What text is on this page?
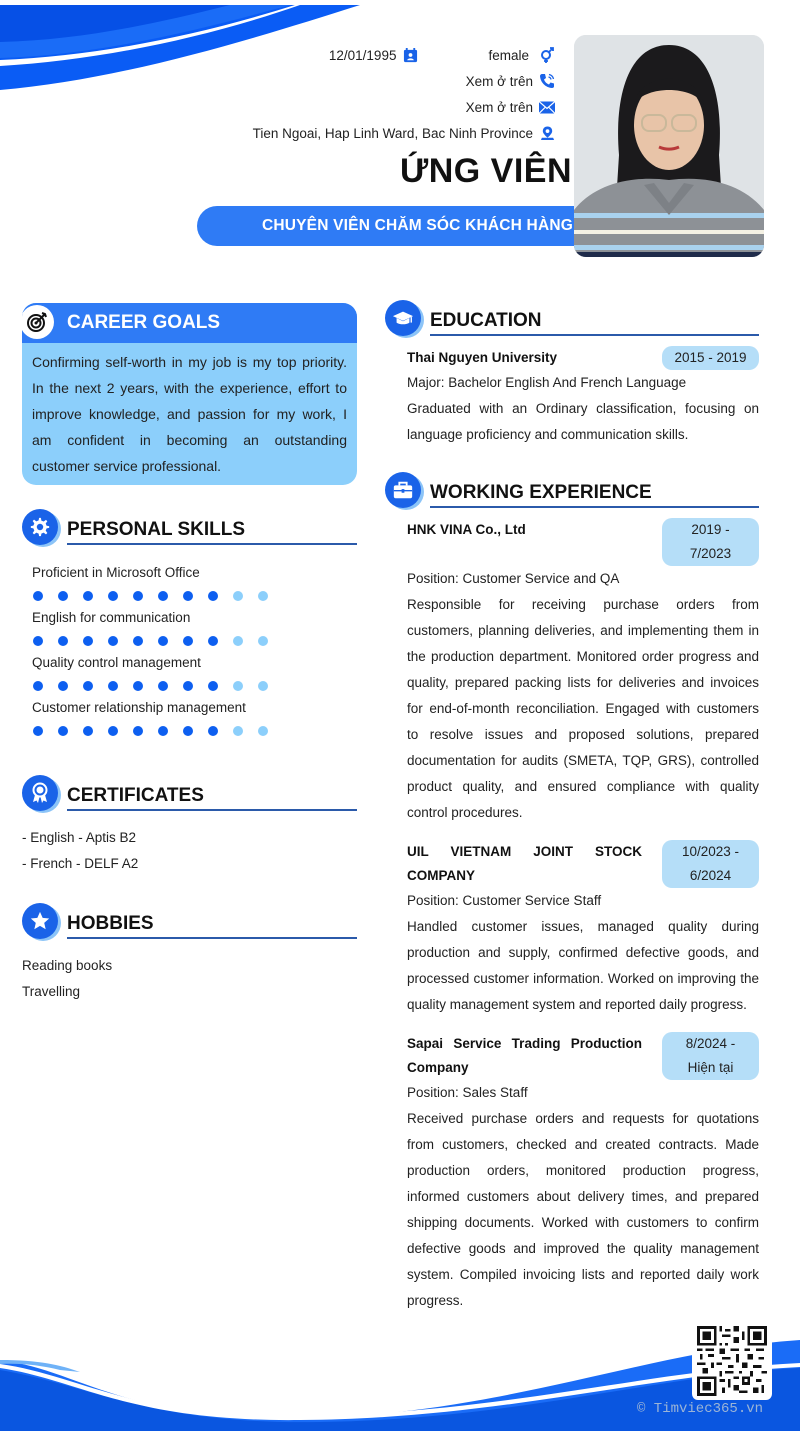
12/01/1995	female
Xem ở trên
Xem ở trên
Tien Ngoai, Hap Linh Ward, Bac Ninh Province
ỨNG VIÊN
CHUYÊN VIÊN CHĂM SÓC KHÁCH HÀNG
CAREER GOALS
Confirming self-worth in my job is my top priority. In the next 2 years, with the experience, effort to improve knowledge, and passion for my work, I am confident in becoming an outstanding customer service professional.
PERSONAL SKILLS
Proficient in Microsoft Office
English for communication
Quality control management
Customer relationship management
CERTIFICATES
- English - Aptis B2
- French - DELF A2
HOBBIES
Reading books
Travelling
EDUCATION
Thai Nguyen University	2015 - 2019
Major: Bachelor English And French Language
Graduated with an Ordinary classification, focusing on language proficiency and communication skills.
WORKING EXPERIENCE
HNK VINA Co., Ltd	2019 - 7/2023
Position: Customer Service and QA
Responsible for receiving purchase orders from customers, planning deliveries, and implementing them in the production department. Monitored order progress and quality, prepared packing lists for deliveries and invoices for end-of-month reconciliation. Engaged with customers to resolve issues and proposed solutions, prepared documentation for audits (SMETA, TQP, GRS), controlled product quality, and ensured compliance with quality control procedures.
UIL VIETNAM JOINT STOCK COMPANY
10/2023 - 6/2024
Position: Customer Service Staff
Handled customer issues, managed quality during production and supply, confirmed defective goods, and processed customer information. Worked on improving the quality management system and reported daily progress.
Sapai Service Trading Production Company
8/2024 - Hiện tại
Position: Sales Staff
Received purchase orders and requests for quotations from customers, checked and created contracts. Made production orders, monitored production progress, informed customers about delivery times, and prepared shipping documents. Worked with customers to confirm defective goods and improved the quality management system. Compiled invoicing lists and reported daily work progress.
© Timviec365.vn
